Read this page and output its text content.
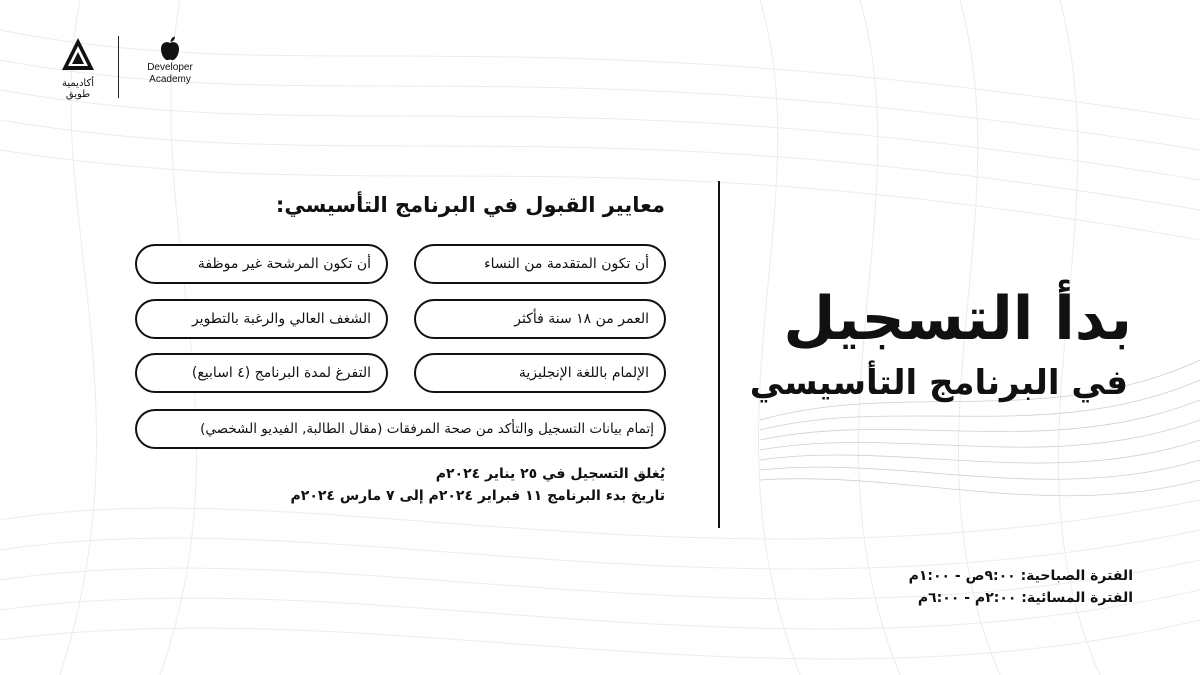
أكاديمية طويق
Developer
Academy
معايير القبول في البرنامج التأسيسي:
أن تكون المتقدمة من النساء
أن تكون المرشحة غير موظفة
العمر من ١٨ سنة فأكثر
الشغف العالي والرغبة بالتطوير
الإلمام باللغة الإنجليزية
التفرغ لمدة البرنامج (٤ اسابيع)
إتمام بيانات التسجيل والتأكد من صحة المرفقات (مقال الطالبة, الفيديو الشخصي)
يُغلق التسجيل في ٢٥ يناير ٢٠٢٤م
تاريخ بدء البرنامج ١١ فبراير ٢٠٢٤م إلى ٧ مارس ٢٠٢٤م
بدأ التسجيل
في البرنامج التأسيسي
الفترة الصباحية: ٩:٠٠ص - ١:٠٠م
الفترة المسائية: ٢:٠٠م - ٦:٠٠م
